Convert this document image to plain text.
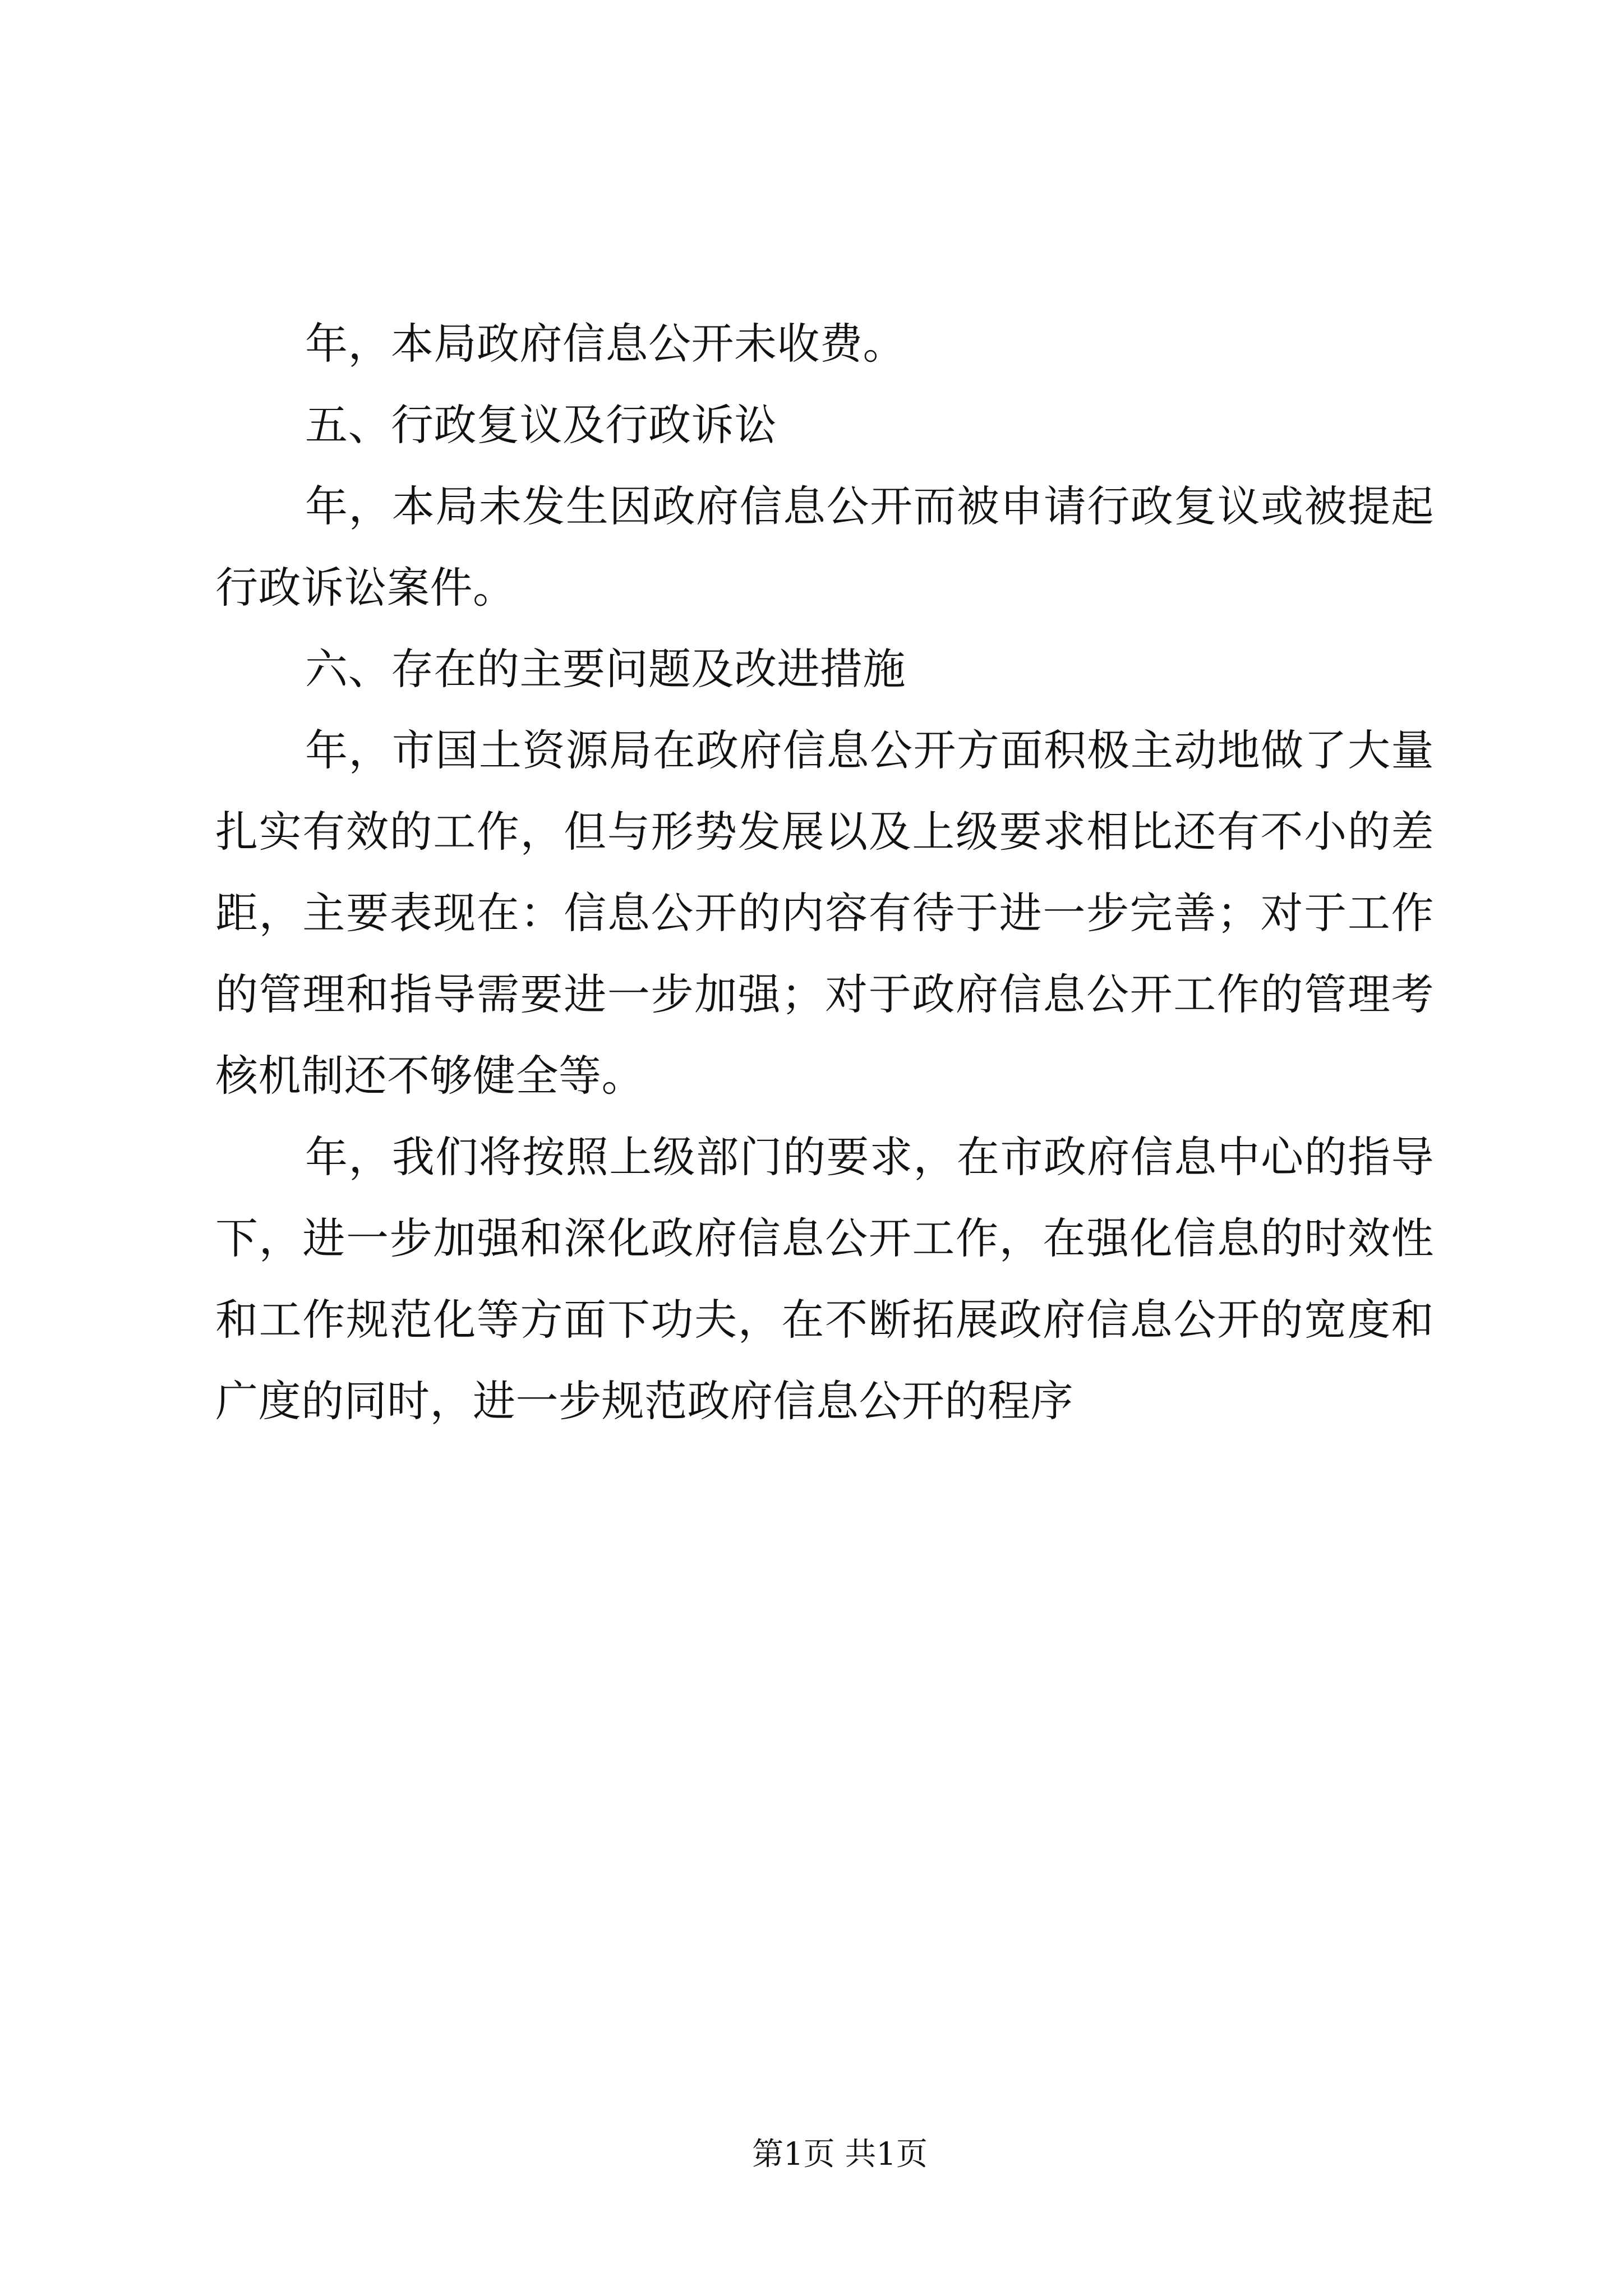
年，本局政府信息公开未收费。
五、行政复议及行政诉讼
年，本局未发生因政府信息公开而被申请行政复议或被提起
行政诉讼案件。
六、存在的主要问题及改进措施
年，市国土资源局在政府信息公开方面积极主动地做了大量
扎实有效的工作，但与形势发展以及上级要求相比还有不小的差
距，主要表现在：信息公开的内容有待于进一步完善；对于工作
的管理和指导需要进一步加强；对于政府信息公开工作的管理考
核机制还不够健全等。
年，我们将按照上级部门的要求，在市政府信息中心的指导
下，进一步加强和深化政府信息公开工作，在强化信息的时效性
和工作规范化等方面下功夫，在不断拓展政府信息公开的宽度和
广度的同时，进一步规范政府信息公开的程序
第1页 共1页
